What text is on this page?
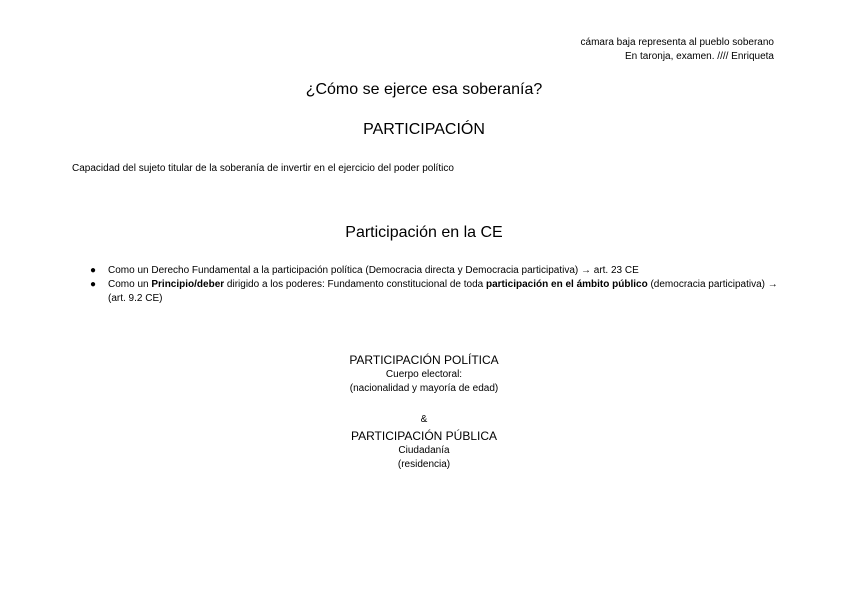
cámara baja representa al pueblo soberano
En taronja, examen. //// Enriqueta
¿Cómo se ejerce esa soberanía?
PARTICIPACIÓN
Capacidad del sujeto titular de la soberanía de invertir en el ejercicio del poder político
Participación en la CE
● Como un Derecho Fundamental a la participación política (Democracia directa y Democracia participativa) → art. 23 CE
● Como un Principio/deber dirigido a los poderes: Fundamento constitucional de toda participación en el ámbito público (democracia participativa) → (art. 9.2 CE)
PARTICIPACIÓN POLÍTICA
Cuerpo electoral:
(nacionalidad y mayoría de edad)
&
PARTICIPACIÓN PÚBLICA
Ciudadanía
(residencia)
